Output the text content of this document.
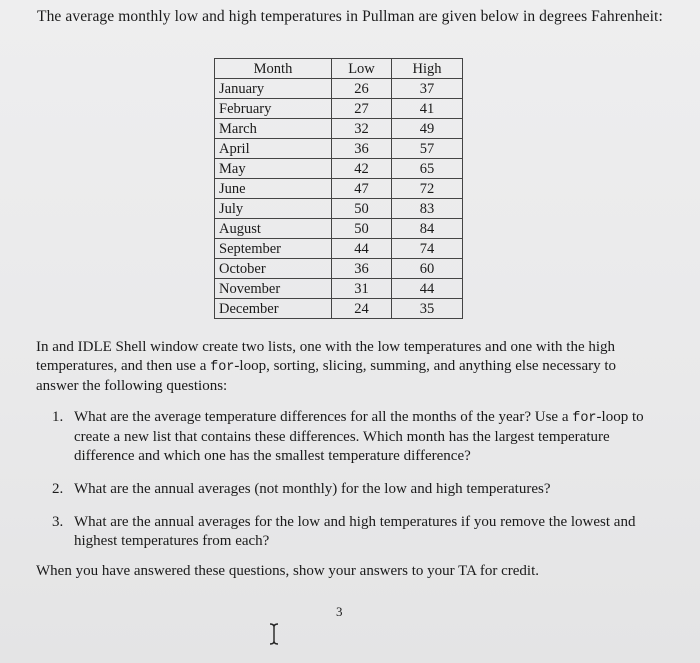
The average monthly low and high temperatures in Pullman are given below in degrees Fahrenheit:
Month	Low	High
January	26	37
February	27	41
March	32	49
April	36	57
May	42	65
June	47	72
July	50	83
August	50	84
September	44	74
October	36	60
November	31	44
December	24	35
In and IDLE Shell window create two lists, one with the low temperatures and one with the high temperatures, and then use a for-loop, sorting, slicing, summing, and anything else necessary to answer the following questions:
1. What are the average temperature differences for all the months of the year? Use a for-loop to create a new list that contains these differences. Which month has the largest temperature difference and which one has the smallest temperature difference?
2. What are the annual averages (not monthly) for the low and high temperatures?
3. What are the annual averages for the low and high temperatures if you remove the lowest and highest temperatures from each?
When you have answered these questions, show your answers to your TA for credit.
3
